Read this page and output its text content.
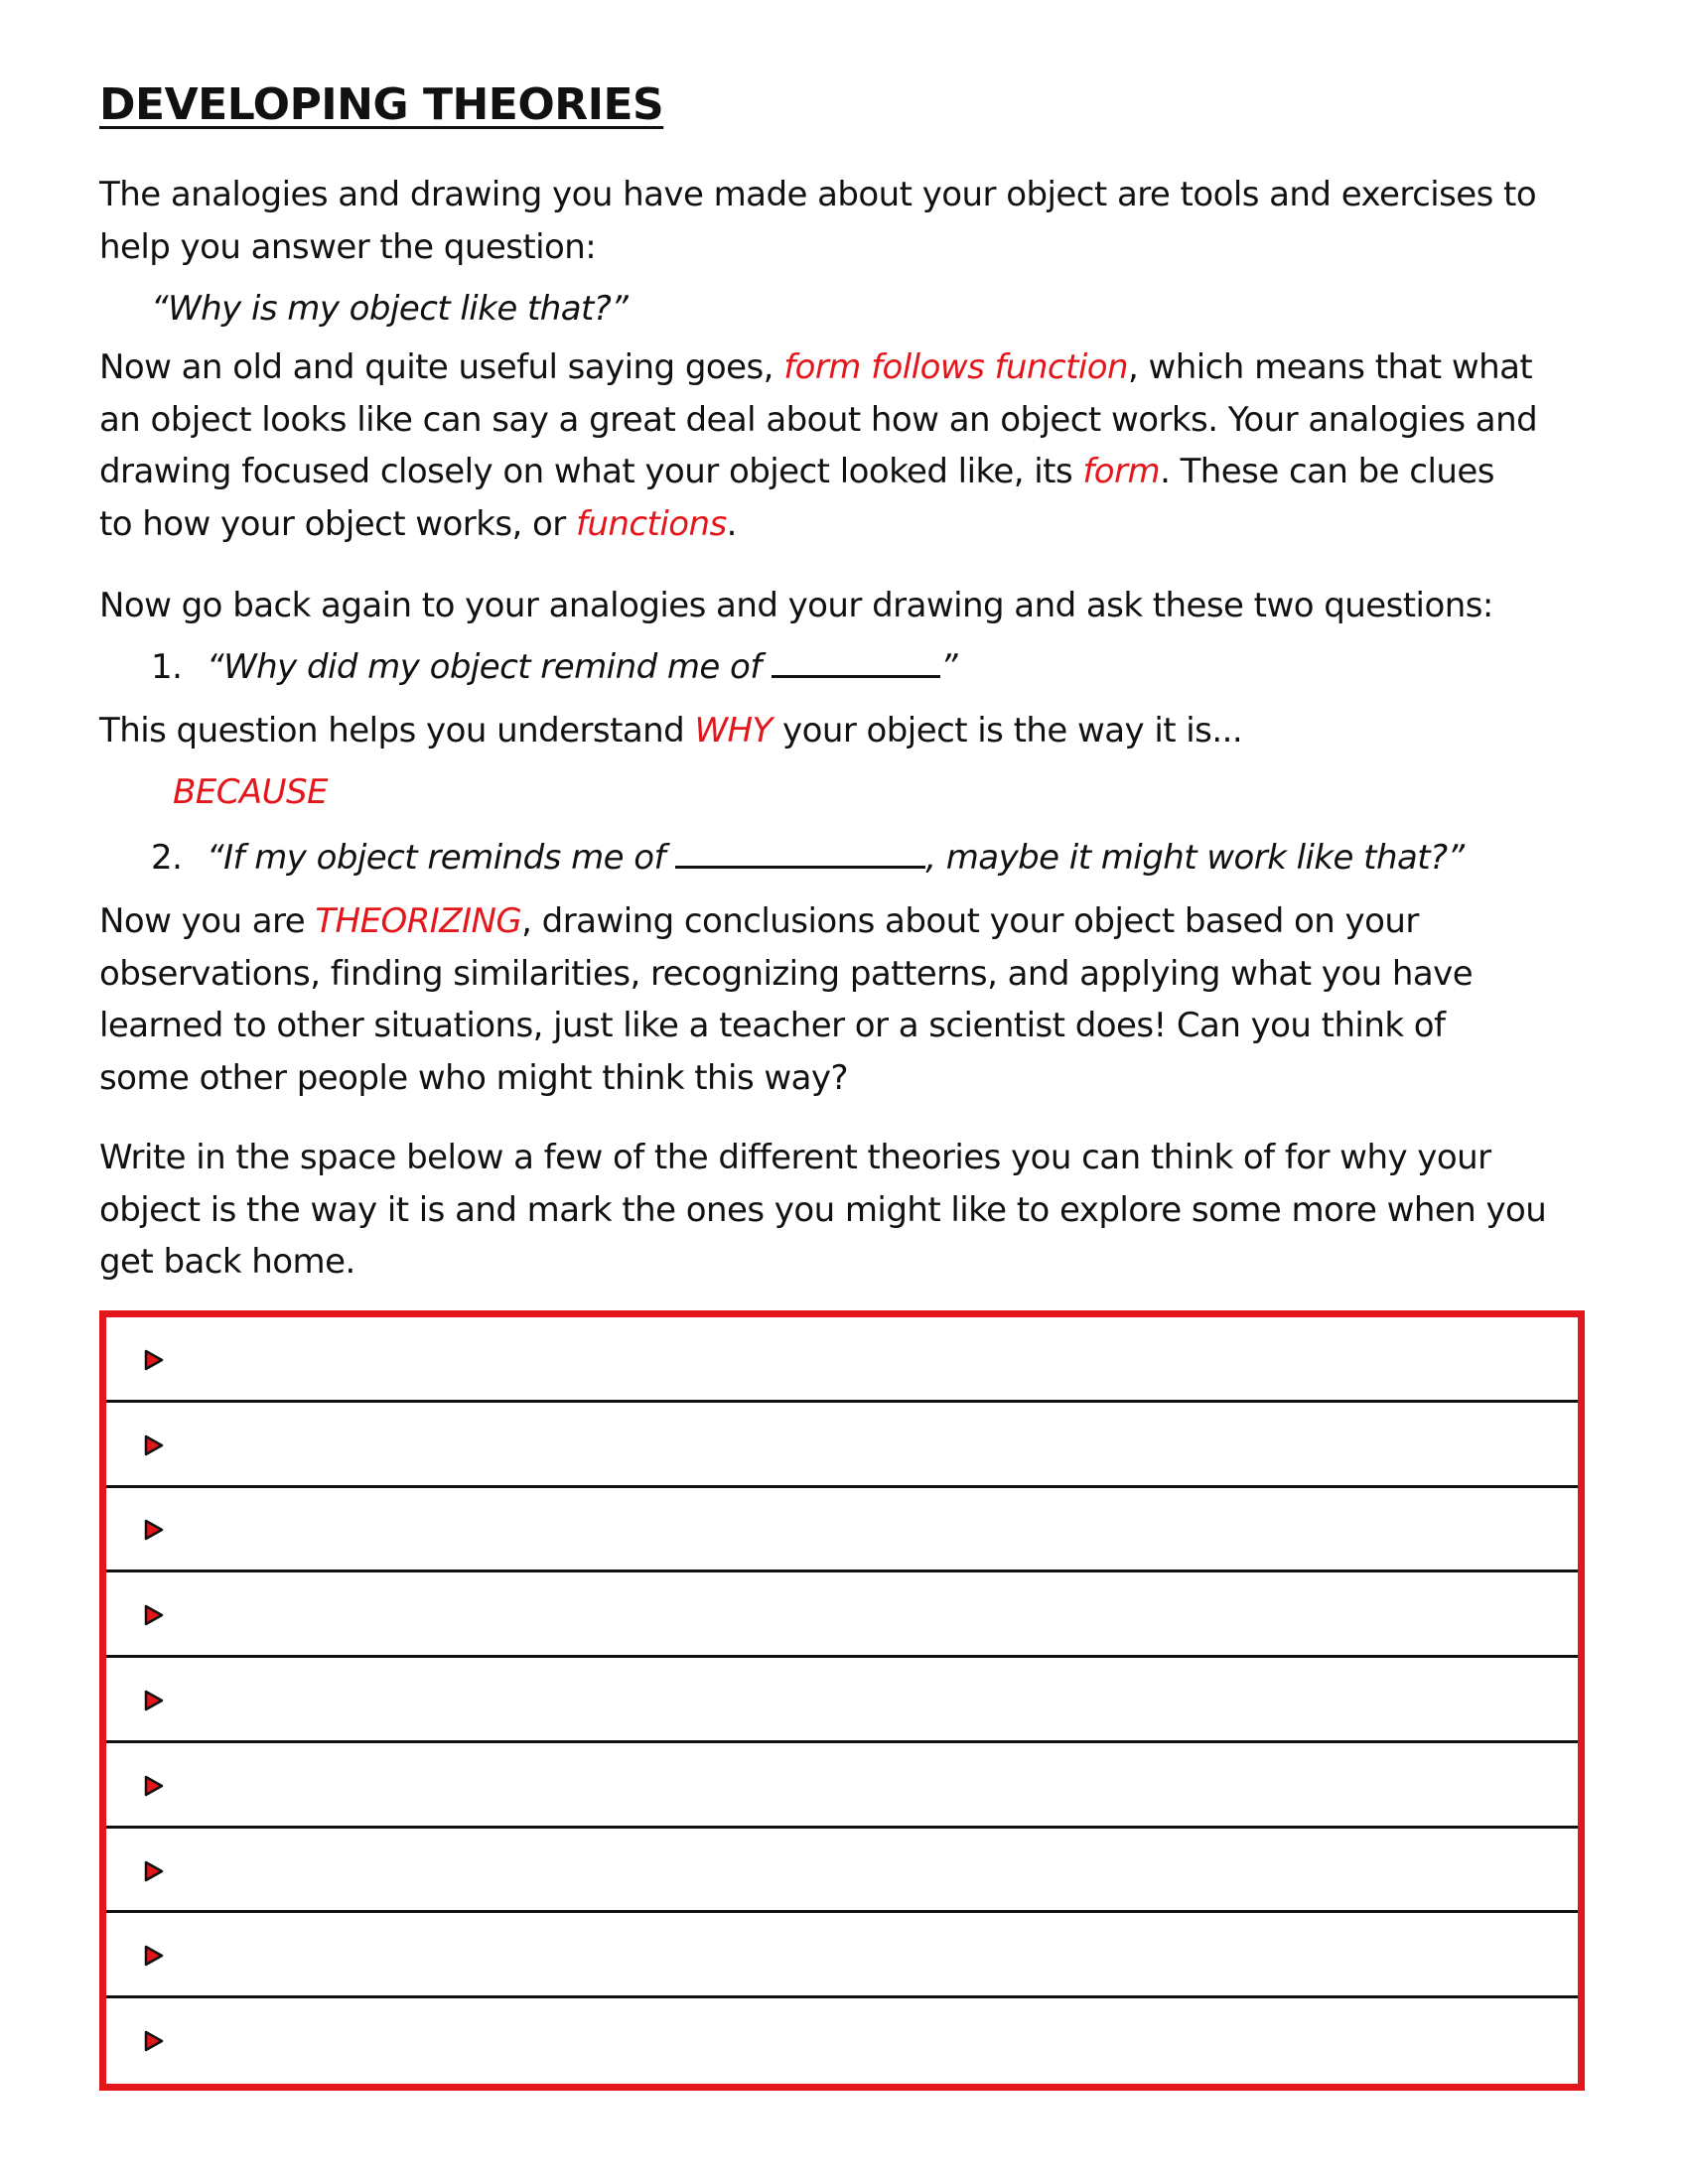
DEVELOPING THEORIES

The analogies and drawing you have made about your object are tools and exercises to
help you answer the question:

“Why is my object like that?”

Now an old and quite useful saying goes, form follows function, which means that what
an object looks like can say a great deal about how an object works. Your analogies and
drawing focused closely on what your object looked like, its form. These can be clues
to how your object works, or functions.

Now go back again to your analogies and your drawing and ask these two questions:

1. “Why did my object remind me of	”

This question helps you understand WHY your object is the way it is...

BECAUSE

2. “If my object reminds me of	, maybe it might work like that?”

Now you are THEORIZING, drawing conclusions about your object based on your
observations, finding similarities, recognizing patterns, and applying what you have
learned to other situations, just like a teacher or a scientist does! Can you think of
some other people who might think this way?

Write in the space below a few of the different theories you can think of for why your
object is the way it is and mark the ones you might like to explore some more when you
get back home.
